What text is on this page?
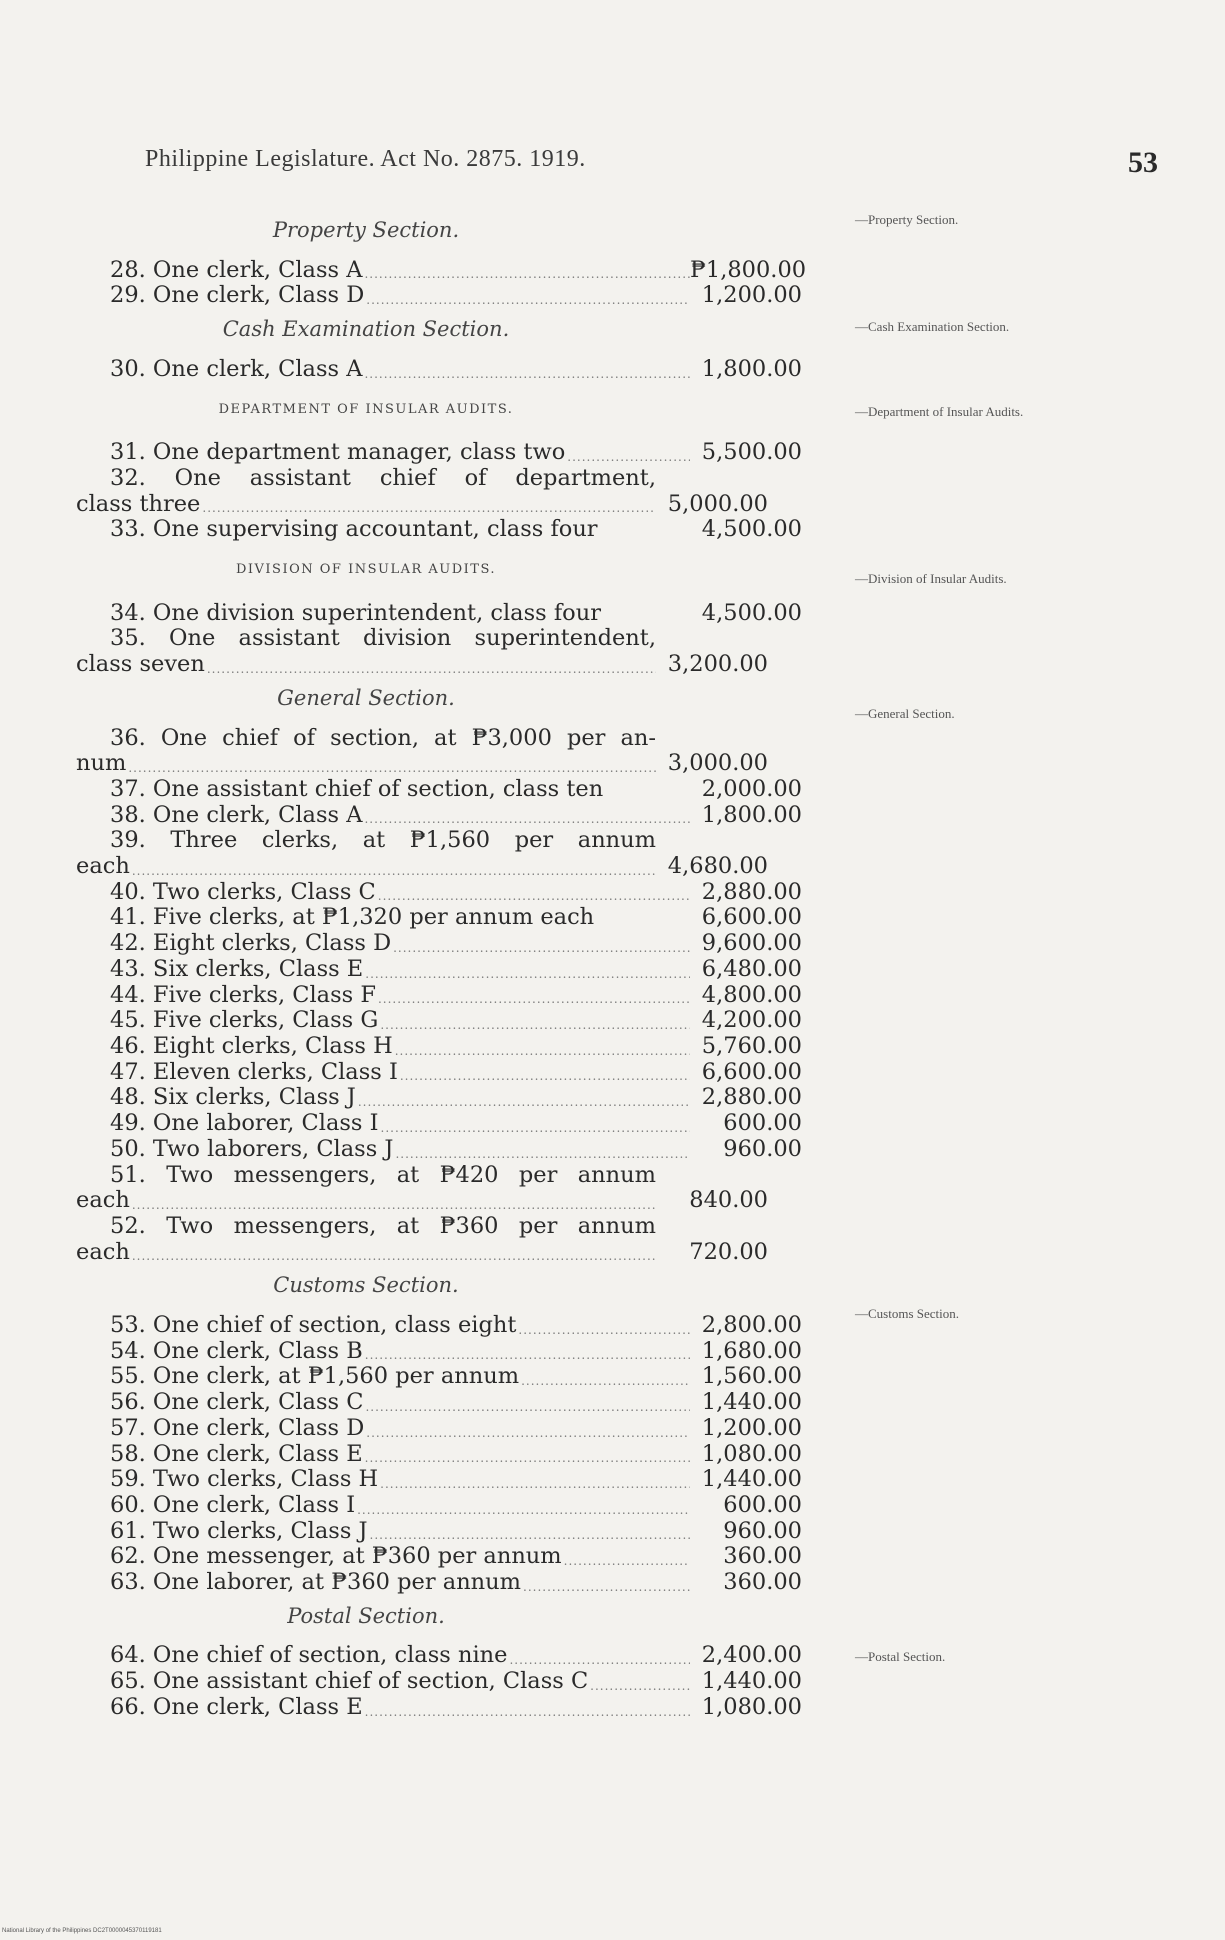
Philippine Legislature. Act No. 2875. 1919.	53
Property Section.
28. One clerk, Class A .....	₱1,800.00
29. One clerk, Class D .....	1,200.00
Cash Examination Section.
30. One clerk, Class A .....	1,800.00
DEPARTMENT OF INSULAR AUDITS.
31. One department manager, class two .....	5,500.00
32. One assistant chief of department,
class three .....	5,000.00
33. One supervising accountant, class four	4,500.00
DIVISION OF INSULAR AUDITS.
34. One division superintendent, class four	4,500.00
35. One assistant division superintendent,
class seven .....	3,200.00
General Section.
36. One chief of section, at ₱3,000 per an-
num .....	3,000.00
37. One assistant chief of section, class ten	2,000.00
38. One clerk, Class A .....	1,800.00
39. Three clerks, at ₱1,560 per annum
each .....	4,680.00
40. Two clerks, Class C .....	2,880.00
41. Five clerks, at ₱1,320 per annum each	6,600.00
42. Eight clerks, Class D .....	9,600.00
43. Six clerks, Class E .....	6,480.00
44. Five clerks, Class F .....	4,800.00
45. Five clerks, Class G .....	4,200.00
46. Eight clerks, Class H .....	5,760.00
47. Eleven clerks, Class I .....	6,600.00
48. Six clerks, Class J .....	2,880.00
49. One laborer, Class I .....	600.00
50. Two laborers, Class J .....	960.00
51. Two messengers, at ₱420 per annum
each .....	840.00
52. Two messengers, at ₱360 per annum
each .....	720.00
Customs Section.
53. One chief of section, class eight .....	2,800.00
54. One clerk, Class B .....	1,680.00
55. One clerk, at ₱1,560 per annum .....	1,560.00
56. One clerk, Class C .....	1,440.00
57. One clerk, Class D .....	1,200.00
58. One clerk, Class E .....	1,080.00
59. Two clerks, Class H .....	1,440.00
60. One clerk, Class I .....	600.00
61. Two clerks, Class J .....	960.00
62. One messenger, at ₱360 per annum .....	360.00
63. One laborer, at ₱360 per annum .....	360.00
Postal Section.
64. One chief of section, class nine .....	2,400.00
65. One assistant chief of section, Class C .....	1,440.00
66. One clerk, Class E .....	1,080.00
—Property Section.
—Cash Examination Section.
—Department of Insular Audits.
—Division of Insular Audits.
—General Section.
—Customs Section.
—Postal Section.
National Library of the Philippines DC2T0000045370119181
